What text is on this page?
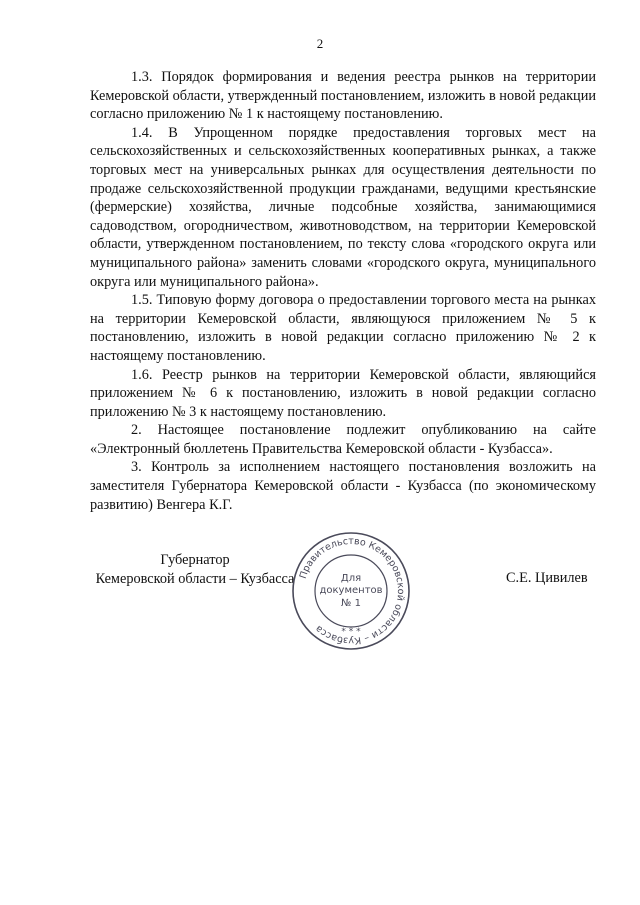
2

1.3. Порядок формирования и ведения реестра рынков на территории Кемеровской области, утвержденный постановлением, изложить в новой редакции согласно приложению № 1 к настоящему постановлению.

1.4. В Упрощенном порядке предоставления торговых мест на сельскохозяйственных и сельскохозяйственных кооперативных рынках, а также торговых мест на универсальных рынках для осуществления деятельности по продаже сельскохозяйственной продукции гражданами, ведущими крестьянские (фермерские) хозяйства, личные подсобные хозяйства, занимающимися садоводством, огородничеством, животноводством, на территории Кемеровской области, утвержденном постановлением, по тексту слова «городского округа или муниципального района» заменить словами «городского округа, муниципального округа или муниципального района».

1.5. Типовую форму договора о предоставлении торгового места на рынках на территории Кемеровской области, являющуюся приложением № 5 к постановлению, изложить в новой редакции согласно приложению № 2 к настоящему постановлению.

1.6. Реестр рынков на территории Кемеровской области, являющийся приложением № 6 к постановлению, изложить в новой редакции согласно приложению № 3 к настоящему постановлению.

2. Настоящее постановление подлежит опубликованию на сайте «Электронный бюллетень Правительства Кемеровской области - Кузбасса».

3. Контроль за исполнением настоящего постановления возложить на заместителя Губернатора Кемеровской области - Кузбасса (по экономическому развитию) Венгера К.Г.

Губернатор
Кемеровской области – Кузбасса	С.Е. Цивилев
Правительство Кемеровской области – Кузбасса	* * *
Для
документов
№ 1
